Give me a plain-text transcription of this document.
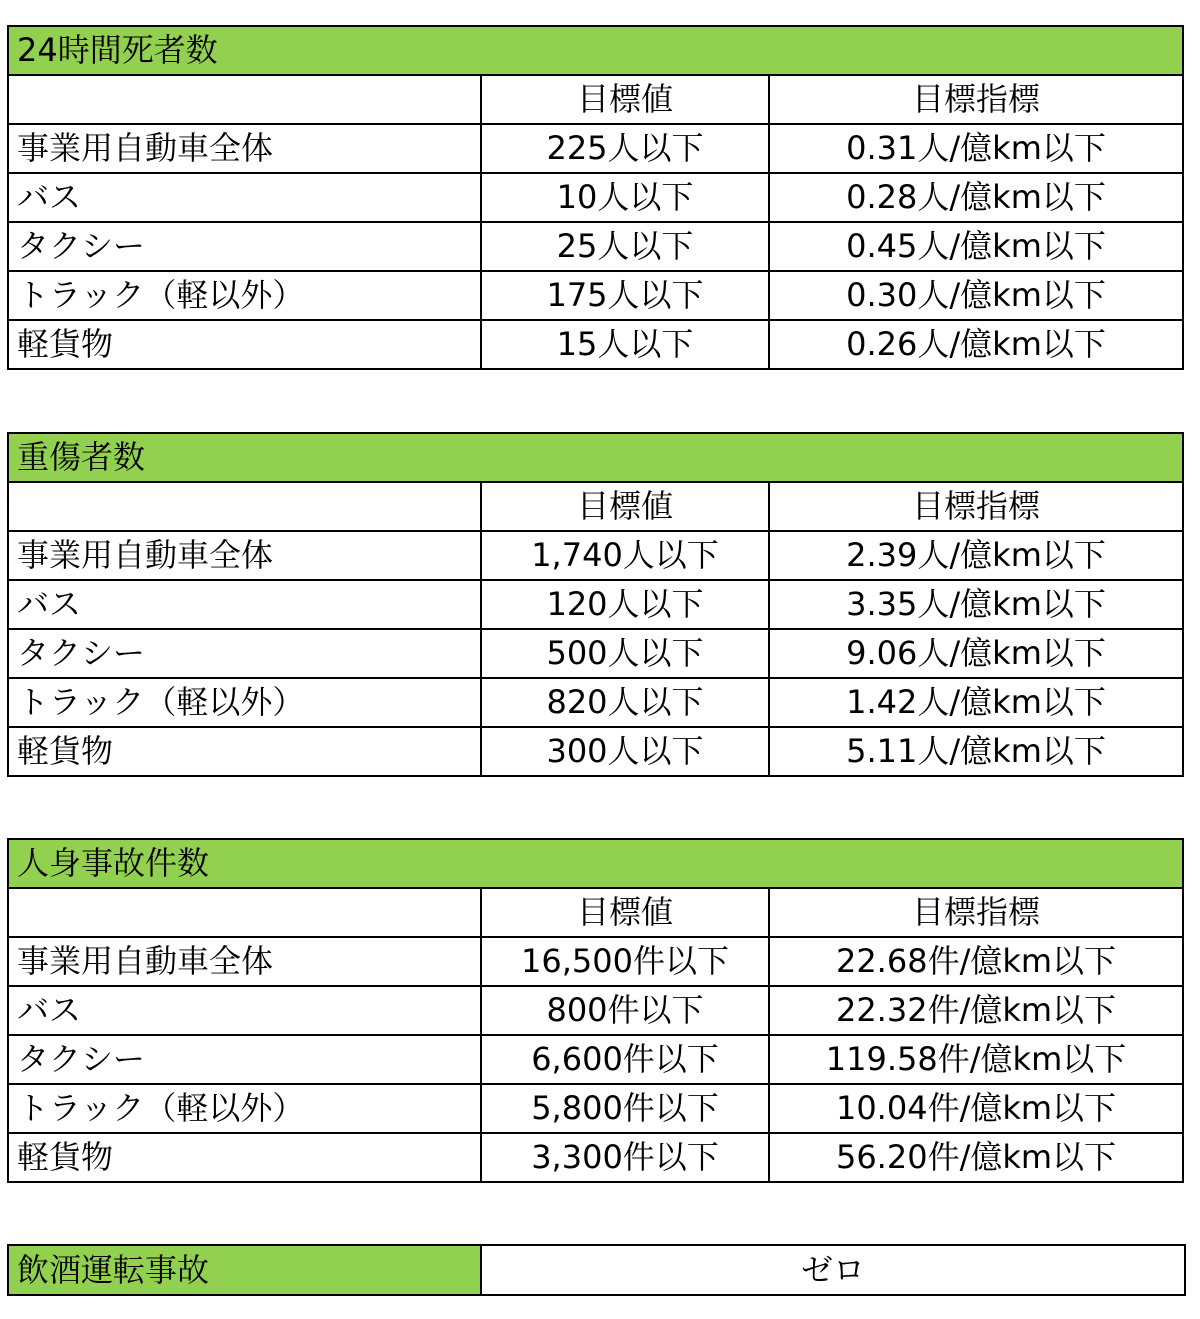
24時間死者数		
	目標値	目標指標
事業用自動車全体	225人以下	0.31人/億km以下
バス	10人以下	0.28人/億km以下
タクシー	25人以下	0.45人/億km以下
トラック（軽以外）	175人以下	0.30人/億km以下
軽貨物	15人以下	0.26人/億km以下
重傷者数		
	目標値	目標指標
事業用自動車全体	1,740人以下	2.39人/億km以下
バス	120人以下	3.35人/億km以下
タクシー	500人以下	9.06人/億km以下
トラック（軽以外）	820人以下	1.42人/億km以下
軽貨物	300人以下	5.11人/億km以下
人身事故件数		
	目標値	目標指標
事業用自動車全体	16,500件以下	22.68件/億km以下
バス	800件以下	22.32件/億km以下
タクシー	6,600件以下	119.58件/億km以下
トラック（軽以外）	5,800件以下	10.04件/億km以下
軽貨物	3,300件以下	56.20件/億km以下
飲酒運転事故	ゼロ
